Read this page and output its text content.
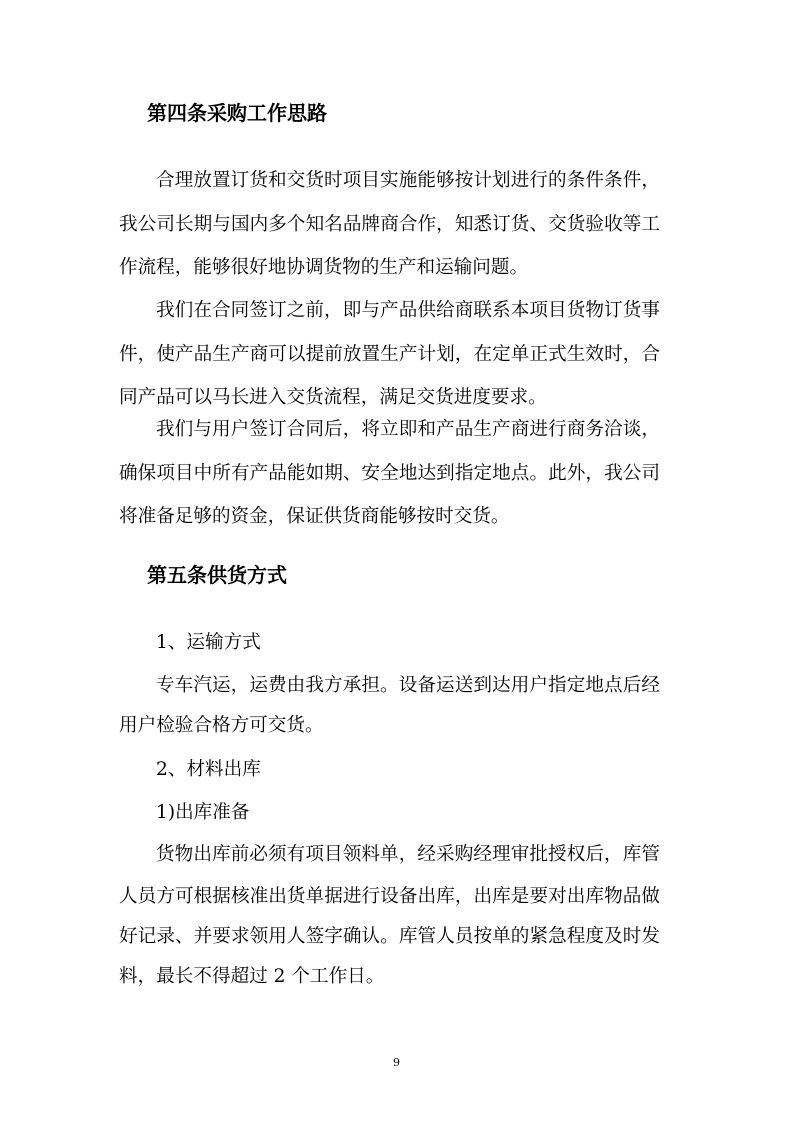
9
第四条采购工作思路
合理放置订货和交货时项目实施能够按计划进行的条件条件，
我公司长期与国内多个知名品牌商合作，知悉订货、交货验收等工
作流程，能够很好地协调货物的生产和运输问题。
我们在合同签订之前，即与产品供给商联系本项目货物订货事
件，使产品生产商可以提前放置生产计划，在定单正式生效时，合
同产品可以马长进入交货流程，满足交货进度要求。
我们与用户签订合同后，将立即和产品生产商进行商务洽谈，
确保项目中所有产品能如期、安全地达到指定地点。此外，我公司
将准备足够的资金，保证供货商能够按时交货。
第五条供货方式
1、运输方式
专车汽运，运费由我方承担。设备运送到达用户指定地点后经
用户检验合格方可交货。
2、材料出库
1)出库准备
货物出库前必须有项目领料单，经采购经理审批授权后，库管
人员方可根据核准出货单据进行设备出库，出库是要对出库物品做
好记录、并要求领用人签字确认。库管人员按单的紧急程度及时发
料，最长不得超过 2 个工作日。
